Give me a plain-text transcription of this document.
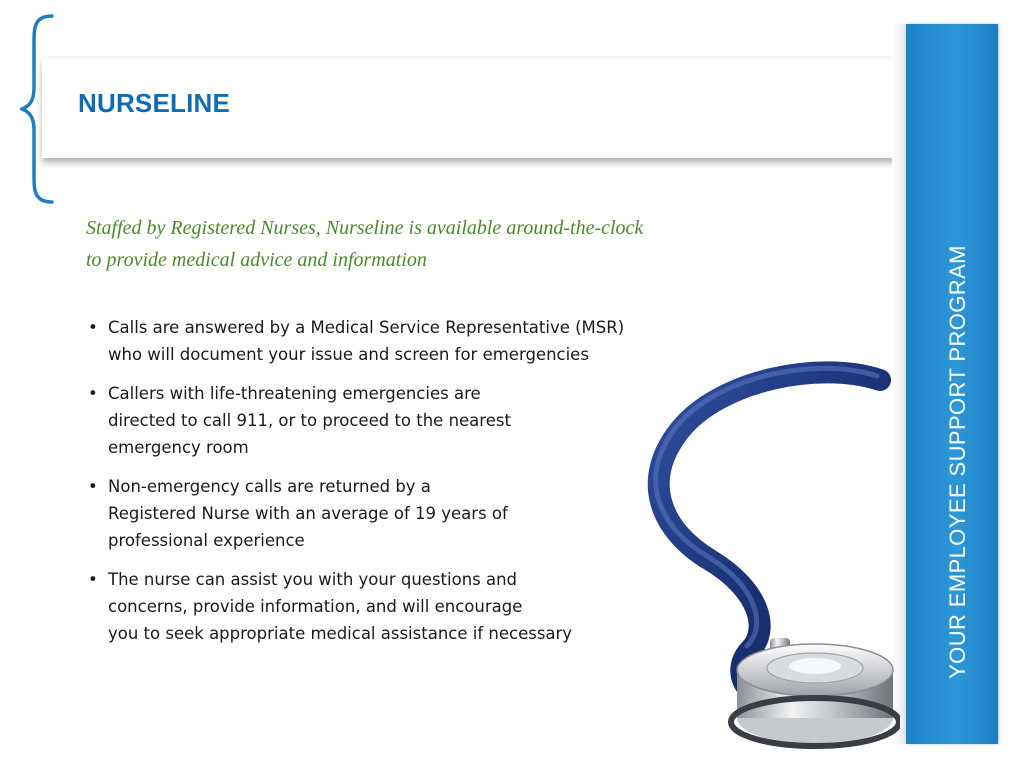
NURSELINE
YOUR EMPLOYEE SUPPORT PROGRAM

Staffed by Registered Nurses, Nurseline is available around-the-clock
to provide medical advice and information

• Calls are answered by a Medical Service Representative (MSR)
who will document your issue and screen for emergencies
• Callers with life-threatening emergencies are
directed to call 911, or to proceed to the nearest
emergency room
• Non-emergency calls are returned by a
Registered Nurse with an average of 19 years of
professional experience
• The nurse can assist you with your questions and
concerns, provide information, and will encourage
you to seek appropriate medical assistance if necessary
